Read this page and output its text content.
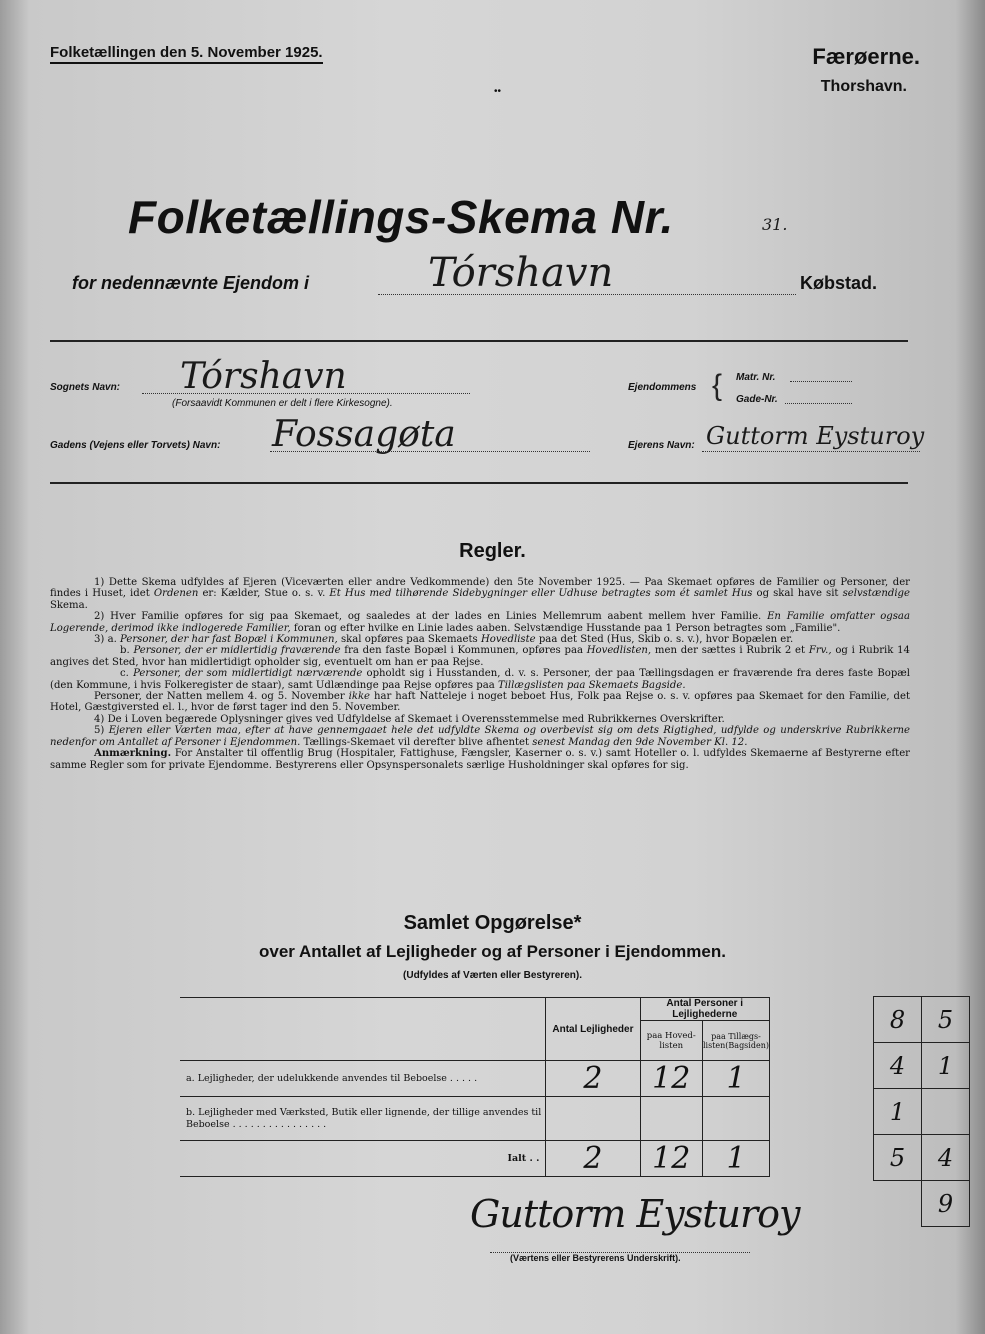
Folketællingen den 5. November 1925.	Færøerne.
Thorshavn.
••
Folketællings-Skema Nr.	31.
for nedennævnte Ejendom i	Tórshavn	Købstad.
Sognets Navn: Tórshavn
(Forsaavidt Kommunen er delt i flere Kirkesogne).
Ejendommens { Matr. Nr.
Gade-Nr.
Gadens (Vejens eller Torvets) Navn: Fossagøta	Ejerens Navn: Guttorm Eysturoy
Regler.

1) Dette Skema udfyldes af Ejeren (Viceværten eller andre Vedkommende) den 5te November 1925. — Paa Skemaet opføres de Familier og Personer, der findes i Huset, idet Ordenen er: Kælder, Stue o. s. v. Et Hus med tilhørende Sidebygninger eller Udhuse betragtes som ét samlet Hus og skal have sit selvstændige Skema.

2) Hver Familie opføres for sig paa Skemaet, og saaledes at der lades en Linies Mellemrum aabent mellem hver Familie. En Familie omfatter ogsaa Logerende, derimod ikke indlogerede Familier, foran og efter hvilke en Linie lades aaben. Selvstændige Husstande paa 1 Person betragtes som „Familie".

3) a. Personer, der har fast Bopæl i Kommunen, skal opføres paa Skemaets Hovedliste paa det Sted (Hus, Skib o. s. v.), hvor Bopælen er.

b. Personer, der er midlertidig fraværende fra den faste Bopæl i Kommunen, opføres paa Hovedlisten, men der sættes i Rubrik 2 et Frv., og i Rubrik 14 angives det Sted, hvor han midlertidigt opholder sig, eventuelt om han er paa Rejse.

c. Personer, der som midlertidigt nærværende opholdt sig i Husstanden, d. v. s. Personer, der paa Tællingsdagen er fraværende fra deres faste Bopæl (den Kommune, i hvis Folkeregister de staar), samt Udlændinge paa Rejse opføres paa Tillægslisten paa Skemaets Bagside.

Personer, der Natten mellem 4. og 5. November ikke har haft Natteleje i noget beboet Hus, Folk paa Rejse o. s. v. opføres paa Skemaet for den Familie, det Hotel, Gæstgiversted el. l., hvor de først tager ind den 5. November.

4) De i Loven begærede Oplysninger gives ved Udfyldelse af Skemaet i Overensstemmelse med Rubrikkernes Overskrifter.

5) Ejeren eller Værten maa, efter at have gennemgaaet hele det udfyldte Skema og overbevist sig om dets Rigtighed, udfylde og underskrive Rubrikkerne nedenfor om Antallet af Personer i Ejendommen. Tællings-Skemaet vil derefter blive afhentet senest Mandag den 9de November Kl. 12.

Anmærkning. For Anstalter til offentlig Brug (Hospitaler, Fattighuse, Fængsler, Kaserner o. s. v.) samt Hoteller o. l. udfyldes Skemaerne af Bestyrerne efter samme Regler som for private Ejendomme. Bestyrerens eller Opsynspersonalets særlige Husholdninger skal opføres for sig.

Samlet Opgørelse*
over Antallet af Lejligheder og af Personer i Ejendommen.
(Udfyldes af Værten eller Bestyreren).
	Antal Lejligheder	Antal Personer i Lejlighederne	
		paa Hoved-listen	paa Tillægs-listen(Bagsiden)
a. Lejligheder, der udelukkende anvendes til Beboelse . . . . .	2	12	1
b. Lejligheder med Værksted, Butik eller lignende, der tillige anvendes til Beboelse . . . . . . . . . . . . . . . .			
Ialt . .	2	12	1
8	5
4	1
1	
5	4
	9
Guttorm Eysturoy
(Værtens eller Bestyrerens Underskrift).
